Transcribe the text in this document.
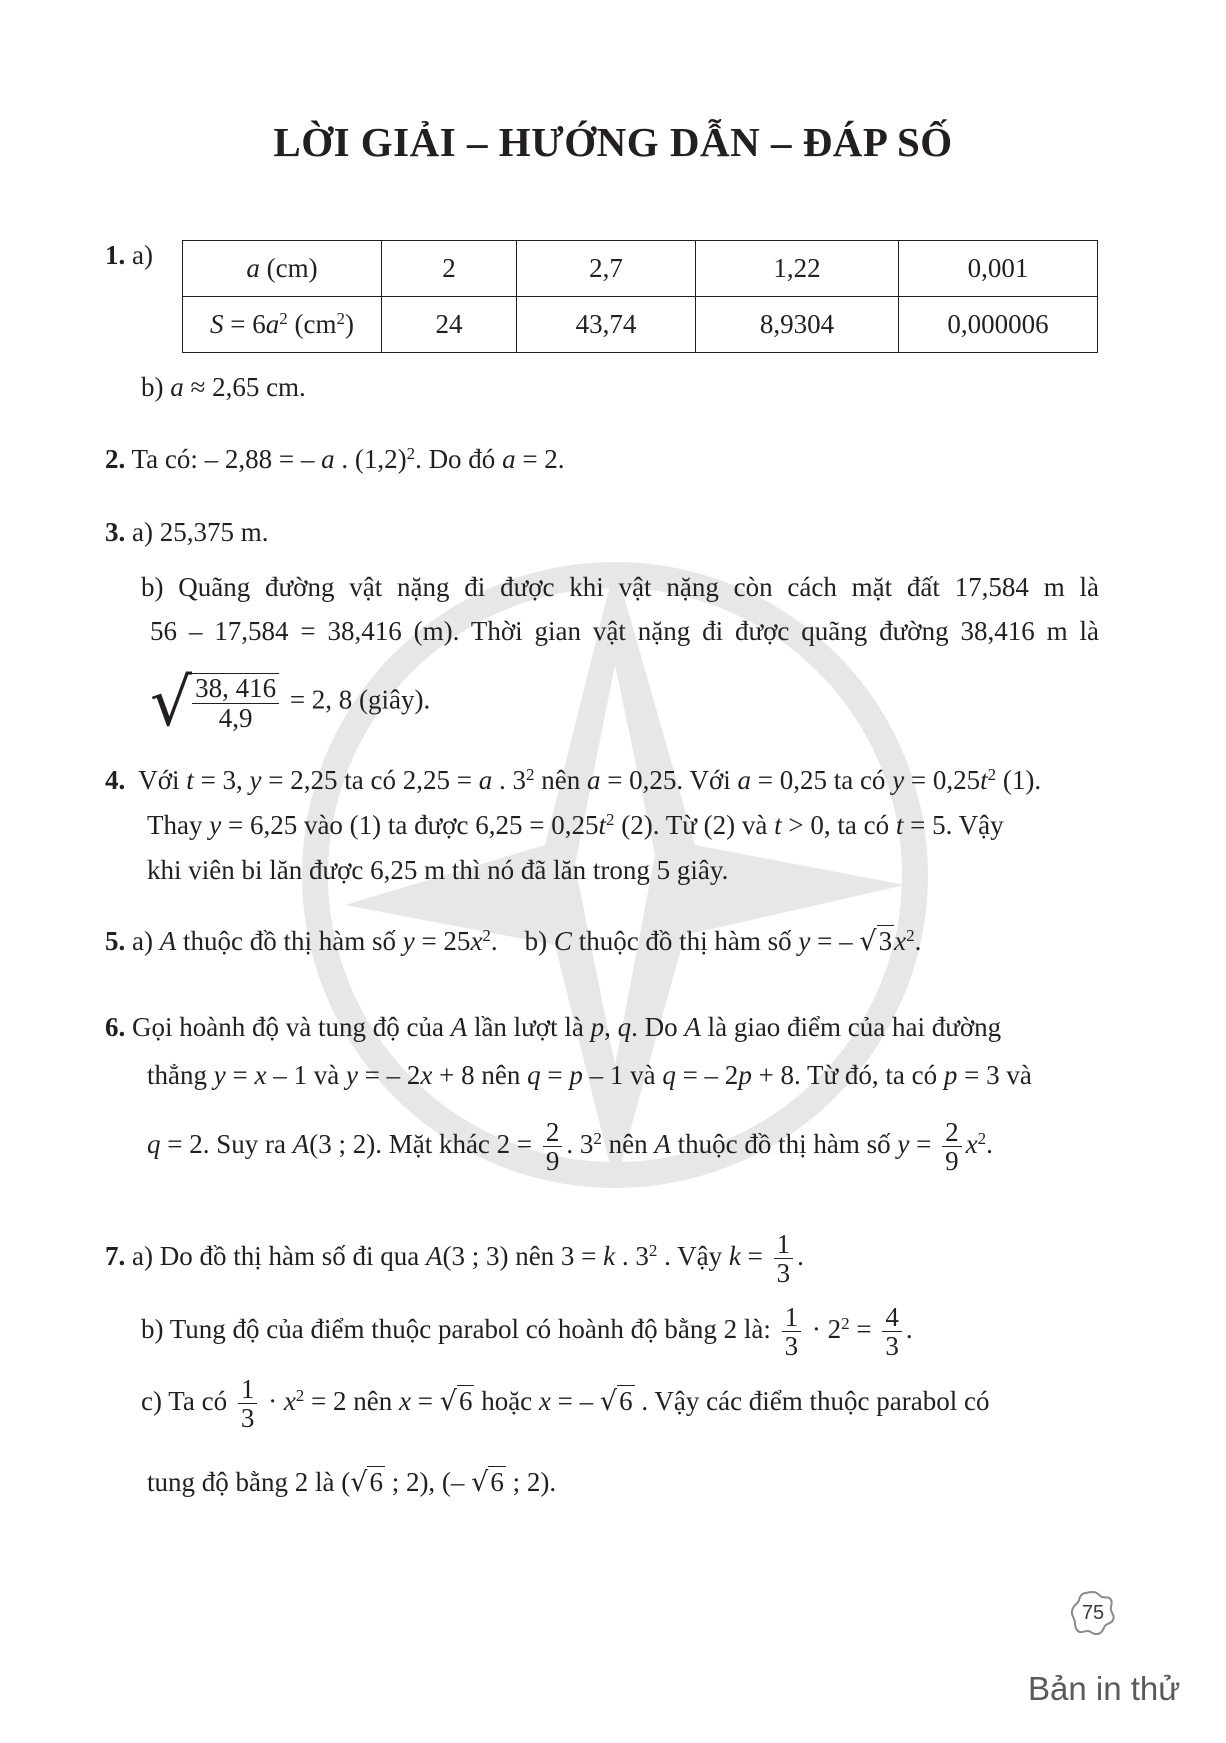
LỜI GIẢI – HƯỚNG DẪN – ĐÁP SỐ
1. a)	a (cm)	2	2,7	1,22	0,001
$S = 6a^2$ $(cm^2)$	24	43,74	8,9304	0,000006
b) a ≈ 2,65 cm.
2. Ta có: – 2,88 = – a . $(1,2)^2$. Do đó a = 2.
3. a) 25,375 m.
b) Quãng đường vật nặng đi được khi vật nặng còn cách mặt đất 17,584 m là
56 – 17,584 = 38,416 (m). Thời gian vật nặng đi được quãng đường 38,416 m là
√ $\frac{38, 416}{4,9} = 2$, 8 (giây).
4. Với t = 3, y = 2,25 ta có 2,25 = a . $3^2$ nên a = 0,25. Với a = 0,25 ta có $y = 0,25t^2$ (1).
Thay y = 6,25 vào (1) ta được $6,25 = 0,25t^2$ (2). Từ (2) và t > 0, ta có t = 5. Vậy
khi viên bi lăn được 6,25 m thì nó đã lăn trong 5 giây.
5. a) A thuộc đồ thị hàm số $y = 25x^2$. b) C thuộc đồ thị hàm số y = – $√3x^2$.
6. Gọi hoành độ và tung độ của A lần lượt là p, q. Do A là giao điểm của hai đường
thẳng y = x – 1 và y = – 2x + 8 nên q = p – 1 và q = – 2p + 8. Từ đó, ta có p = 3 và
q = 2. Suy ra A(3 ; 2). Mặt khác $2 = \frac{2}{9}$ . $3^2$ nên A thuộc đồ thị hàm số $y = \frac{2}{9} x^2$.
7. a) Do đồ thị hàm số đi qua A(3 ; 3) nên 3 = k . $3^2$ . Vậy $k = \frac{1}{3}$ .
b) Tung độ của điểm thuộc parabol có hoành độ bằng 2 là: $\frac{1}{3} \cdot 2^2 = \frac{4}{3}$ .
c) Ta có $\frac{1}{3} \cdot x^2 = 2$ nên x = √6 hoặc x = – √6 . Vậy các điểm thuộc parabol có
tung độ bằng 2 là (√6 ; 2), (– √6 ; 2).
75
Bản in thử
